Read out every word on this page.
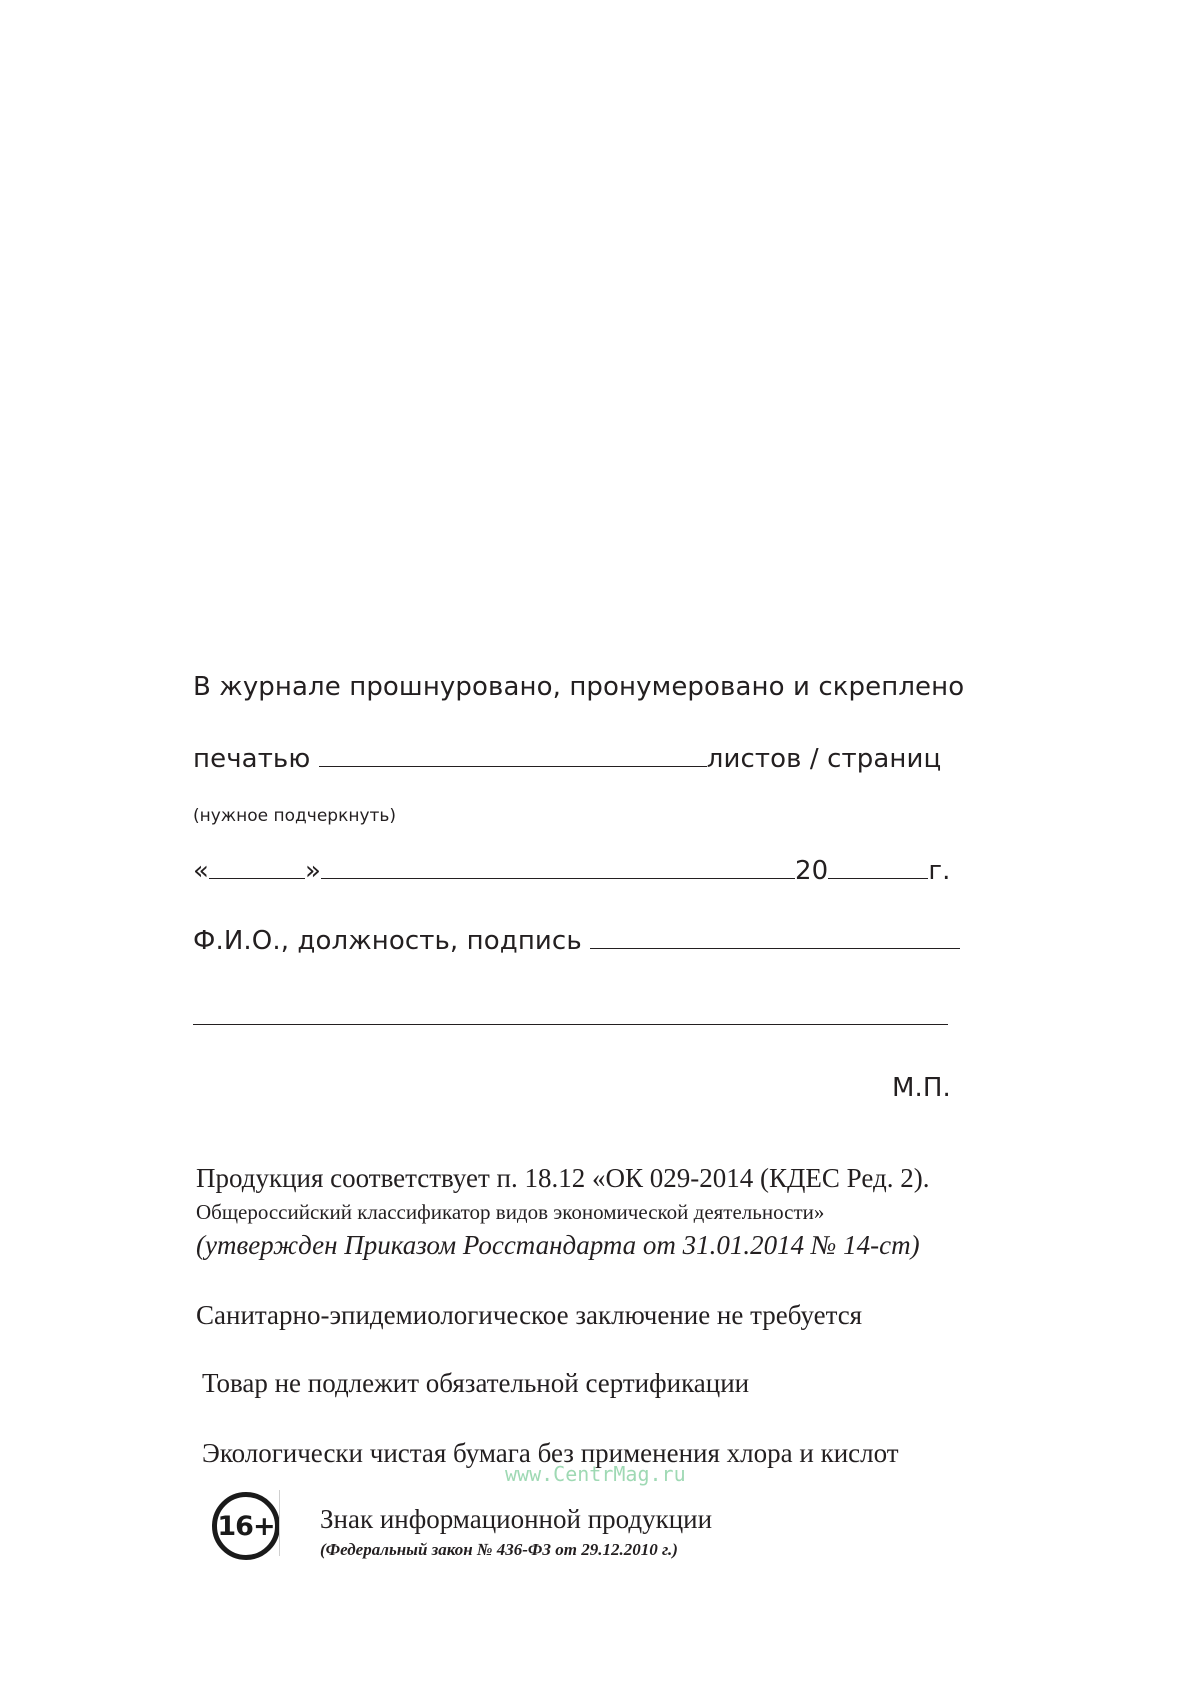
В журнале прошнуровано, пронумеровано и скреплено
печатью	листов / страниц
(нужное подчеркнуть)
«	»	20	г.
Ф.И.О., должность, подпись
М.П.
Продукция соответствует п. 18.12 «ОК 029-2014 (КДЕС Ред. 2).
Общероссийский классификатор видов экономической деятельности»
(утвержден Приказом Росстандарта от 31.01.2014 № 14-ст)
Санитарно-эпидемиологическое заключение не требуется
Товар не подлежит обязательной сертификации
Экологически чистая бумага без применения хлора и кислот
www.CentrMag.ru
16+ Знак информационной продукции
(Федеральный закон № 436-ФЗ от 29.12.2010 г.)
